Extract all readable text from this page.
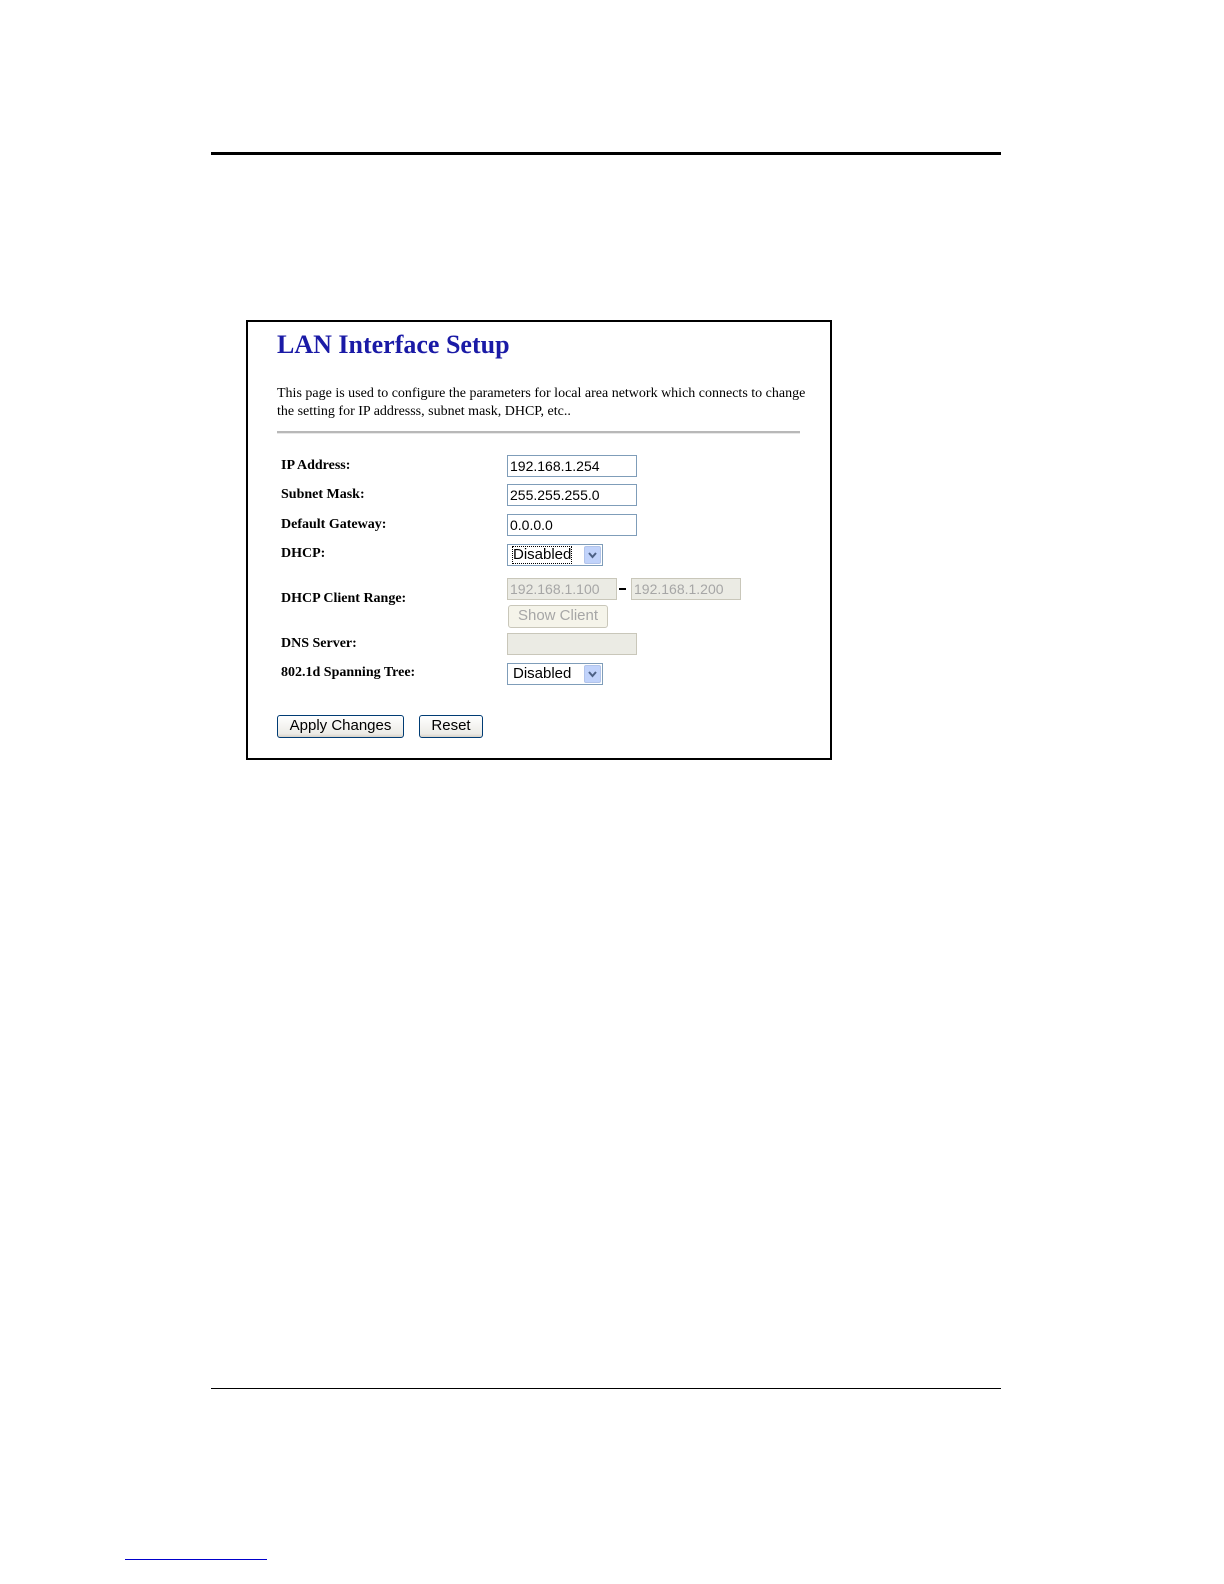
LAN Interface Setup
This page is used to configure the parameters for local area network which connects to change the setting for IP addresss, subnet mask, DHCP, etc..
IP Address:	192.168.1.254
Subnet Mask:	255.255.255.0
Default Gateway:	0.0.0.0
DHCP:	Disabled
DHCP Client Range:
192.168.1.100	192.168.1.200
Show Client
DNS Server:
802.1d Spanning Tree:	Disabled
Apply Changes	Reset
